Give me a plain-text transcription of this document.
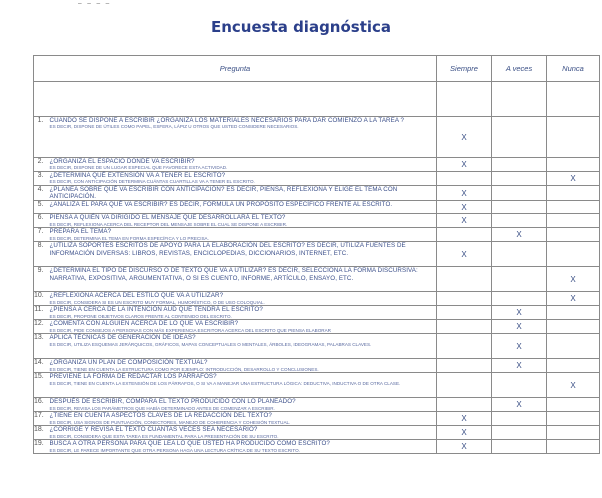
– – – –
Encuesta diagnóstica
Pregunta		Siempre	A veces	Nunca

1.	CUANDO SE DISPONE A ESCRIBIR ¿ORGANIZA LOS MATERIALES NECESARIOS PARA DAR COMIENZO A LA TAREA ?
ES DECIR, DISPONE DE ÚTILES COMO PAPEL, ESFERA, LÁPIZ U OTROS QUE USTED CONSIDERE NECESARIOS.	X		
2.	¿ORGANIZA EL ESPACIO DONDE VA ESCRIBIR?
ES DECIR, DISPONE DE UN LUGAR ESPECIAL QUE FAVORECE ESTA ACTIVIDAD.	X		
3.	¿DETERMINA QUÉ EXTENSIÓN VA A TENER EL ESCRITO?
ES DECIR, CON ANTICIPACIÓN DETERMINA CUÁNTAS CUARTILLAS VA A TENER EL ESCRITO.			X
4.	¿PLANEA SOBRE QUÉ VA ESCRIBIR CON ANTICIPACIÓN? ES DECIR, PIENSA, REFLEXIONA Y ELIGE EL TEMA CON ANTICIPACIÓN.	X		
5.	¿ANALIZA EL PARA QUÉ VA ESCRIBIR? ES DECIR, FORMULA UN PROPÓSITO ESPECÍFICO FRENTE AL ESCRITO.	X		
6.	PIENSA A QUIÉN VA DIRIGIDO EL MENSAJE QUE DESARROLLARÁ EL TEXTO?
ES DECIR, REFLEXIONA ACERCA DEL RECEPTOR DEL MENSAJE SOBRE EL CUAL SE DISPONE A ESCRIBIR.	X		
7.	PREPARA EL TEMA?
ES DECIR, DETERMINA EL TEMA EN FORMA ESPECÍFICA Y LO PRECISA.		X	
8.	¿UTILIZA SOPORTES ESCRITOS DE APOYO PARA LA ELABORACIÓN DEL ESCRITO? ES DECIR, UTILIZA FUENTES DE INFORMACIÓN DIVERSAS: LIBROS, REVISTAS, ENCICLOPEDIAS, DICCIONARIOS, INTERNET, ETC.	X		
9.	¿DETERMINA EL TIPO DE DISCURSO O DE TEXTO QUE VA A UTILIZAR? ES DECIR, SELECCIONA LA FORMA DISCURSIVA: NARRATIVA, EXPOSITIVA, ARGUMENTATIVA, O SI ES CUENTO, INFORME, ARTÍCULO, ENSAYO, ETC.			X
10.	¿REFLEXIONA ACERCA DEL ESTILO QUE VA A UTILIZAR?
ES DECIR, CONSIDERA SI ES UN ESCRITO MUY FORMAL, HUMORÍSTICO, O DE USO COLOQUIAL.			X
11.	¿PIENSA A CERCA DE LA INTENCIÓN AUD QUE TENDRÁ EL ESCRITO?
ES DECIR, PROPONE OBJETIVOS CLAROS FRENTE AL CONTENIDO DEL ESCRITO.		X	
12.	¿COMENTA CON ALGUIEN ACERCA DE LO QUE VA ESCRIBIR?
ES DECIR, PIDE CONSEJOS A PERSONAS CON MÁS EXPERIENCIA ESCRITORA ACERCA DEL ESCRITO QUE PIENSA ELABORAR		X	
13.	APLICA TÉCNICAS DE GENERACIÓN DE IDEAS?
ES DECIR, UTILIZA ESQUEMAS JERÁRQUICOS, GRÁFICOS, MAPAS CONCEPTUALES O MENTALES, ÁRBOLES, IDEOGRAMAS, PALABRAS CLAVES.		X	
14.	¿ORGANIZA UN PLAN DE COMPOSICIÓN TEXTUAL?
ES DECIR, TIENE EN CUENTA LA ESTRUCTURA COMO POR EJEMPLO: INTRODUCCIÓN, DESARROLLO Y CONCLUSIONES.		X	
15.	PREVIENE LA FORMA DE REDACTAR LOS PÁRRAFOS?
ES DECIR, TIENE EN CUENTA LA EXTENSIÓN DE LOS PÁRRAFOS, O SI VA A MANEJAR UNA ESTRUCTURA LÓGICA: DEDUCTIVA, INDUCTIVA O DE OTRA CLASE.			X
16.	DESPUÉS DE ESCRIBIR, COMPARA EL TEXTO PRODUCIDO CON LO PLANEADO?
ES DECIR, REVISA LOS PARÁMETROS QUE HABÍA DETERMINADO ANTES DE COMENZAR A ESCRIBIR.		X	
17.	¿TIENE EN CUENTA ASPECTOS CLAVES DE LA REDACCIÓN DEL TEXTO?
ES DECIR, USA SIGNOS DE PUNTUACIÓN, CONECTORES, MANEJO DE COHERENCIA Y COHESIÓN TEXTUAL.	X		
18.	¿CORRIGE Y REVISA EL TEXTO CUANTAS VECES SEA NECESARIO?
ES DECIR, CONSIDERA QUE ESTA TAREA ES FUNDAMENTAL PARA LA PRESENTACIÓN DE SU ESCRITO.	X		
19.	BUSCA A OTRA PERSONA PARA QUE LEA LO QUE USTED HA PRODUCIDO COMO ESCRITO?
ES DECIR, LE PARECE IMPORTANTE QUE OTRA PERSONA HAGA UNA LECTURA CRÍTICA DE SU TEXTO ESCRITO.	X		
